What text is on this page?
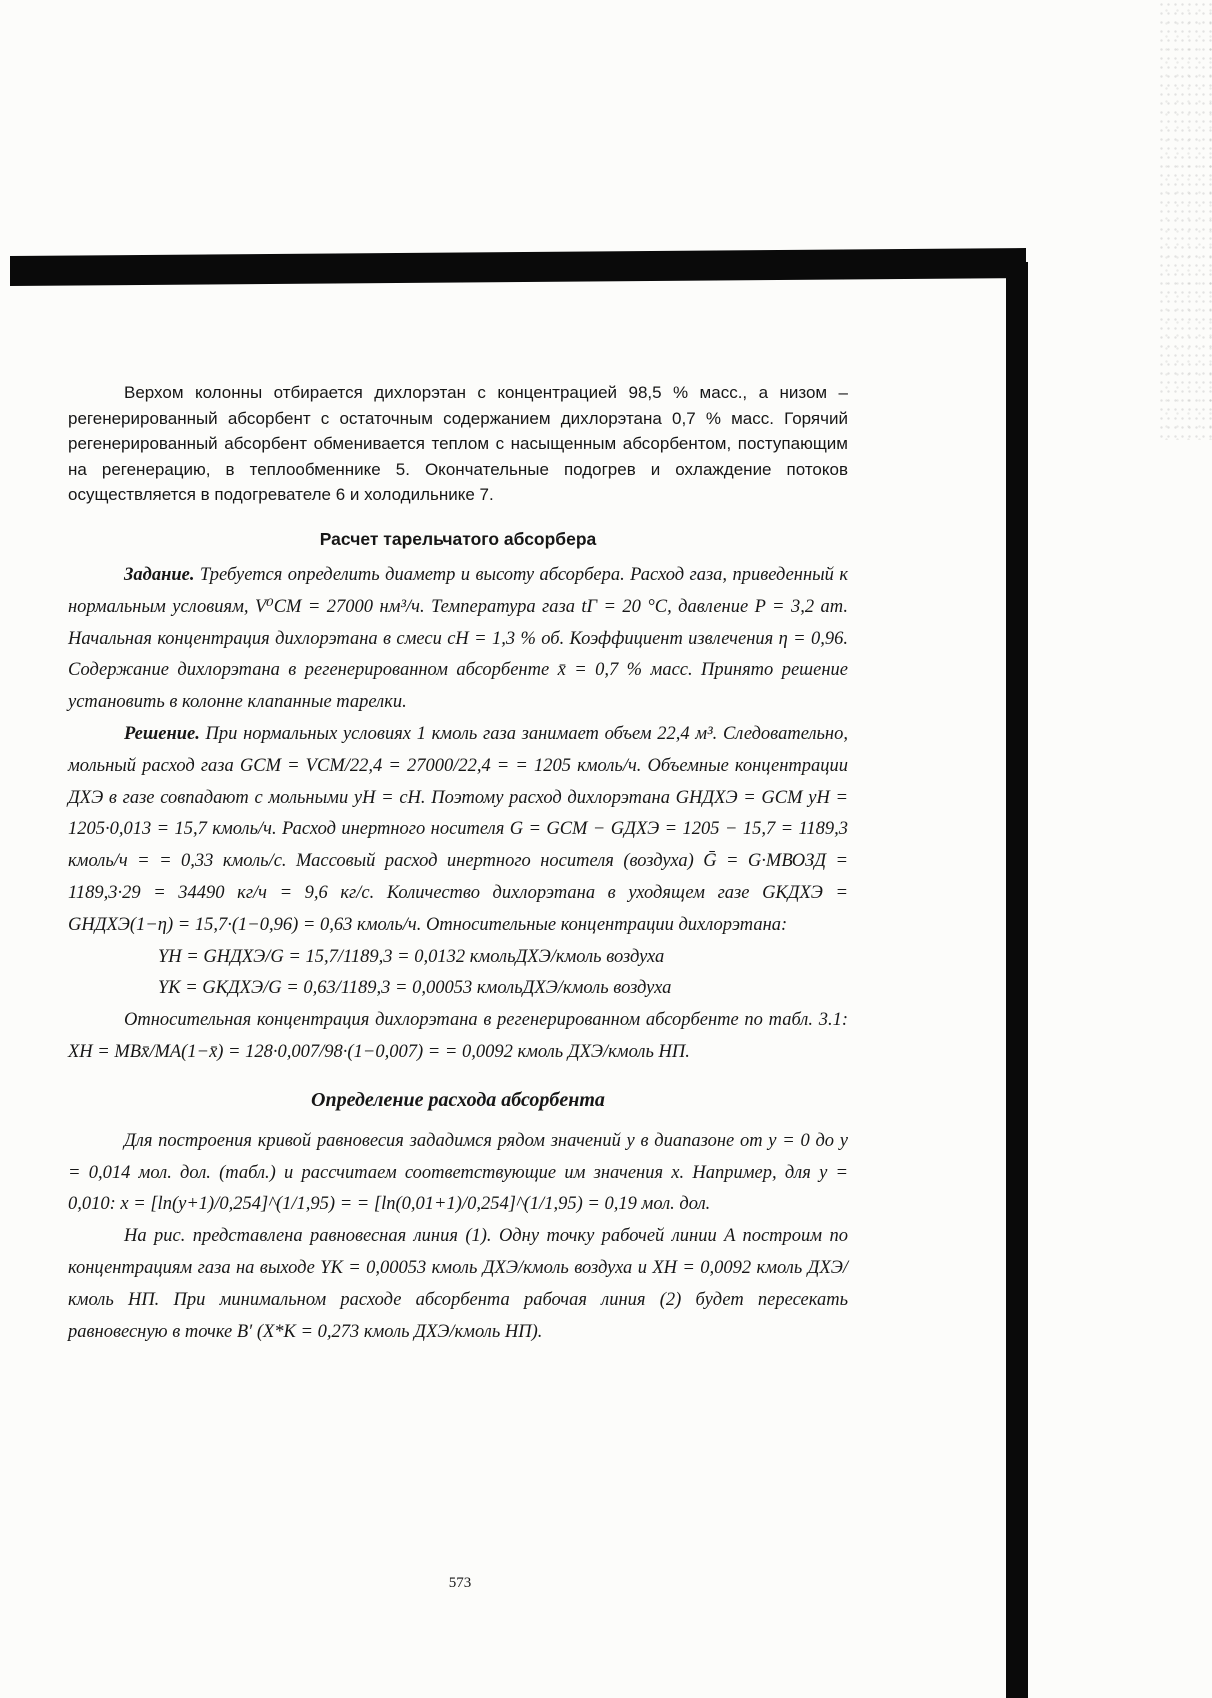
Верхом колонны отбирается дихлорэтан с концентрацией 98,5 % масс., а низом – регенерированный абсорбент с остаточным содержанием дихлорэтана 0,7 % масс. Горячий регенерированный абсорбент обменивается теплом с насыщенным абсорбентом, поступающим на регенерацию, в теплообменнике 5. Окончательные подогрев и охлаждение потоков осуществляется в подогревателе 6 и холодильнике 7.

Расчет тарельчатого абсорбера

Задание. Требуется определить диаметр и высоту абсорбера. Расход газа, приведенный к нормальным условиям, V⁰СМ = 27000 нм³/ч. Температура газа tГ = 20 °C, давление P = 3,2 ат. Начальная концентрация дихлорэтана в смеси cН = 1,3 % об. Коэффициент извлечения η = 0,96. Содержание дихлорэтана в регенерированном абсорбенте x̄ = 0,7 % масс. Принято решение установить в колонне клапанные тарелки.

Решение. При нормальных условиях 1 кмоль газа занимает объем 22,4 м³. Следовательно, мольный расход газа GСМ = VСМ/22,4 = 27000/22,4 = = 1205 кмоль/ч. Объемные концентрации ДХЭ в газе совпадают с мольными yН = cН. Поэтому расход дихлорэтана GНДХЭ = GСМ yН = 1205·0,013 = 15,7 кмоль/ч. Расход инертного носителя G = GСМ − GДХЭ = 1205 − 15,7 = 1189,3 кмоль/ч = = 0,33 кмоль/с. Массовый расход инертного носителя (воздуха) Ḡ = G·MВОЗД = 1189,3·29 = 34490 кг/ч = 9,6 кг/с. Количество дихлорэтана в уходящем газе GКДХЭ = GНДХЭ(1−η) = 15,7·(1−0,96) = 0,63 кмоль/ч. Относительные концентрации дихлорэтана:

YН = GНДХЭ/G = 15,7/1189,3 = 0,0132 кмольДХЭ/кмоль воздуха

YК = GКДХЭ/G = 0,63/1189,3 = 0,00053 кмольДХЭ/кмоль воздуха

Относительная концентрация дихлорэтана в регенерированном абсорбенте по табл. 3.1: XН = MВx̄/MА(1−x̄) = 128·0,007/98·(1−0,007) = = 0,0092 кмоль ДХЭ/кмоль НП.

Определение расхода абсорбента

Для построения кривой равновесия зададимся рядом значений y в диапазоне от y = 0 до y = 0,014 мол. дол. (табл.) и рассчитаем соответствующие им значения x. Например, для y = 0,010: x = [ln(y+1)/0,254]^(1/1,95) = = [ln(0,01+1)/0,254]^(1/1,95) = 0,19 мол. дол.

На рис. представлена равновесная линия (1). Одну точку рабочей линии A построим по концентрациям газа на выходе YК = 0,00053 кмоль ДХЭ/кмоль воздуха и XН = 0,0092 кмоль ДХЭ/кмоль НП. При минимальном расходе абсорбента рабочая линия (2) будет пересекать равновесную в точке B′ (X*К = 0,273 кмоль ДХЭ/кмоль НП).

573
